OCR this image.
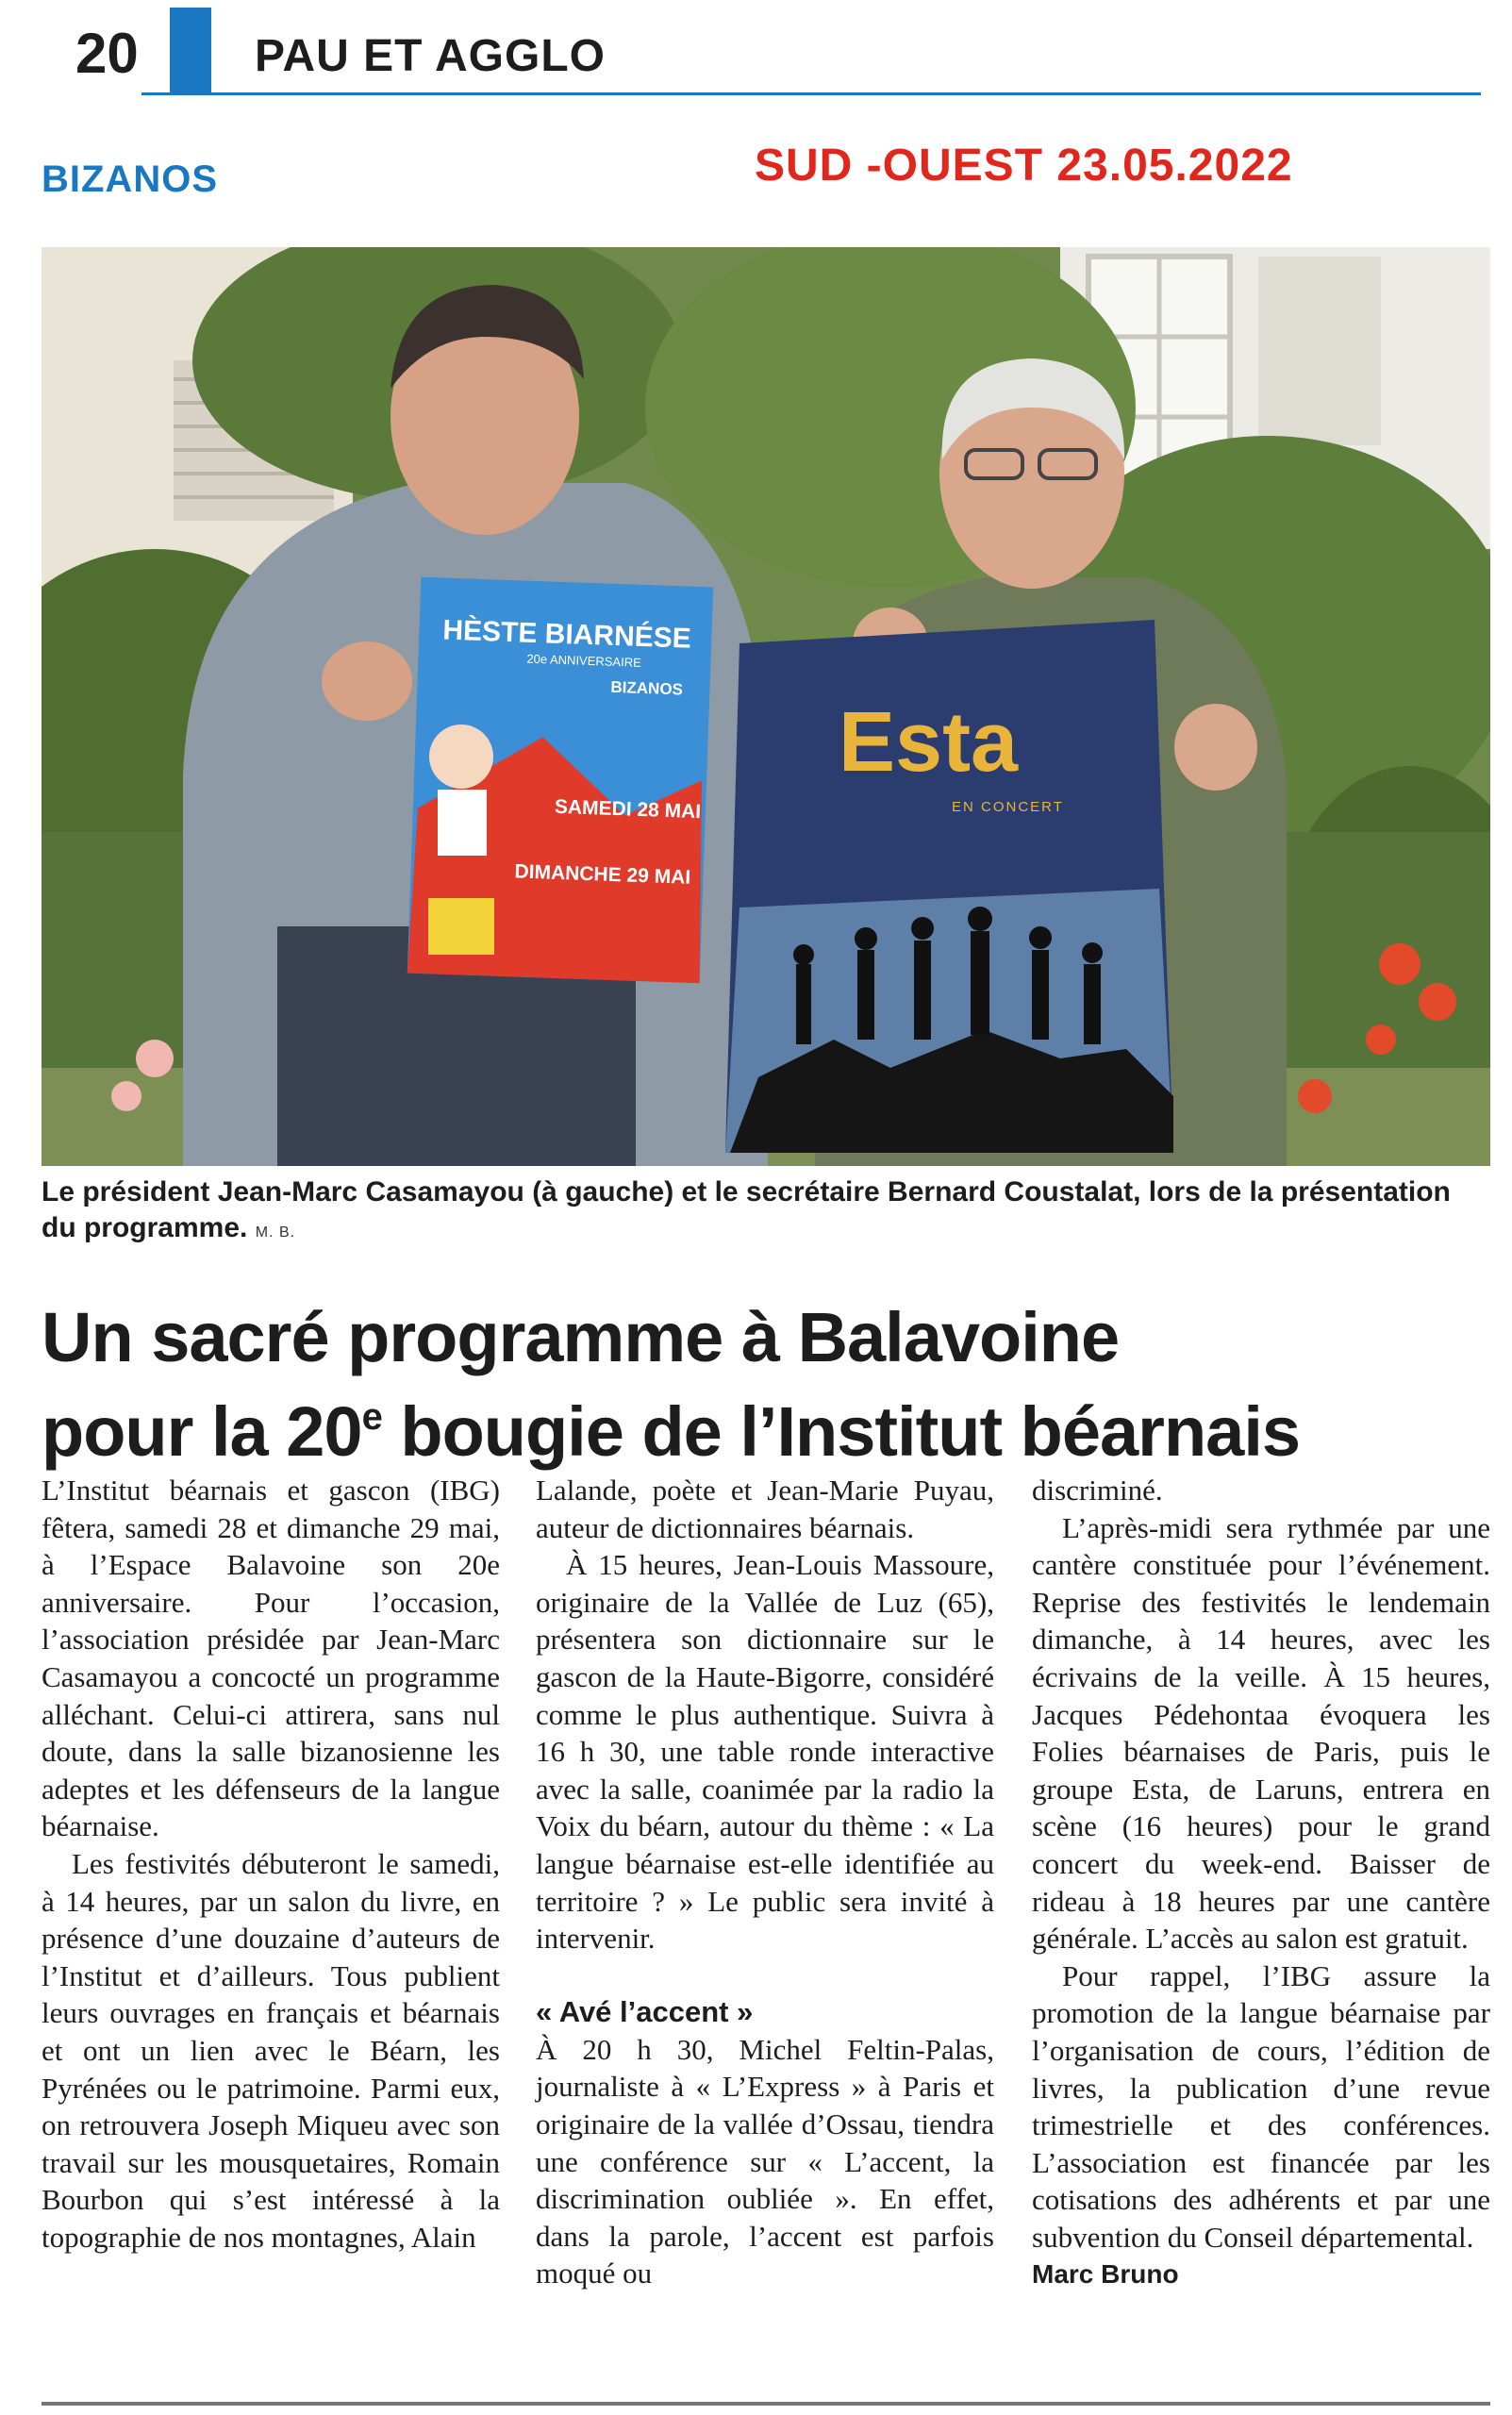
20	PAU ET AGGLO
BIZANOS	SUD -OUEST 23.05.2022
HÈSTE BIARNÉSE
20e ANNIVERSAIRE
BIZANOS
SAMEDI 28 MAI
DIMANCHE 29 MAI
Esta
EN CONCERT
Le président Jean-Marc Casamayou (à gauche) et le secrétaire Bernard Coustalat, lors de la présentation du programme. M. B.
Un sacré programme à Balavoine
pour la 20e bougie de l’Institut béarnais

L’Institut béarnais et gascon (IBG) fêtera, samedi 28 et dimanche 29 mai, à l’Espace Balavoine son 20e anniversaire. Pour l’occasion, l’association présidée par Jean-Marc Casamayou a concocté un programme alléchant. Celui-ci attirera, sans nul doute, dans la salle bizanosienne les adeptes et les défenseurs de la langue béarnaise.

Les festivités débuteront le samedi, à 14 heures, par un salon du livre, en présence d’une douzaine d’auteurs de l’Institut et d’ailleurs. Tous publient leurs ouvrages en français et béarnais et ont un lien avec le Béarn, les Pyrénées ou le patrimoine. Parmi eux, on retrouvera Joseph Miqueu avec son travail sur les mousquetaires, Romain Bourbon qui s’est intéressé à la topographie de nos montagnes, Alain

Lalande, poète et Jean-Marie Puyau, auteur de dictionnaires béarnais.

À 15 heures, Jean-Louis Massoure, originaire de la Vallée de Luz (65), présentera son dictionnaire sur le gascon de la Haute-Bigorre, considéré comme le plus authentique. Suivra à 16 h 30, une table ronde interactive avec la salle, coanimée par la radio la Voix du béarn, autour du thème : « La langue béarnaise est-elle identifiée au territoire ? » Le public sera invité à intervenir.

« Avé l’accent »

À 20 h 30, Michel Feltin-Palas, journaliste à « L’Express » à Paris et originaire de la vallée d’Ossau, tiendra une conférence sur « L’accent, la discrimination oubliée ». En effet, dans la parole, l’accent est parfois moqué ou

discriminé.

L’après-midi sera rythmée par une cantère constituée pour l’événement. Reprise des festivités le lendemain dimanche, à 14 heures, avec les écrivains de la veille. À 15 heures, Jacques Pédehontaa évoquera les Folies béarnaises de Paris, puis le groupe Esta, de Laruns, entrera en scène (16 heures) pour le grand concert du week-end. Baisser de rideau à 18 heures par une cantère générale. L’accès au salon est gratuit.

Pour rappel, l’IBG assure la promotion de la langue béarnaise par l’organisation de cours, l’édition de livres, la publication d’une revue trimestrielle et des conférences. L’association est financée par les cotisations des adhérents et par une subvention du Conseil départemental.

Marc Bruno
